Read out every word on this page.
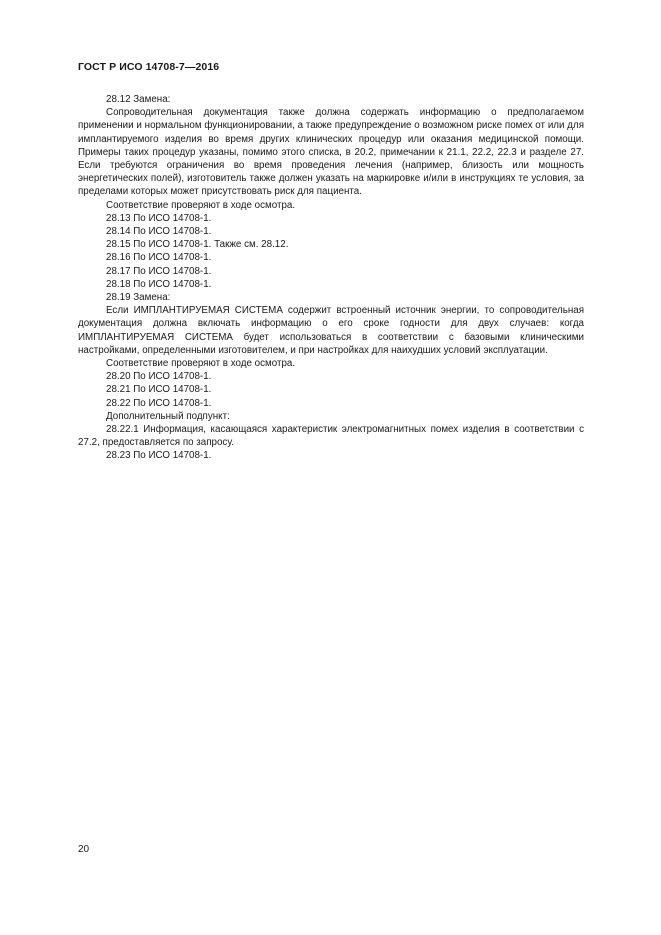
ГОСТ Р ИСО 14708-7—2016

28.12 Замена:

Сопроводительная документация также должна содержать информацию о предполагаемом применении и нормальном функционировании, а также предупреждение о возможном риске помех от или для имплантируемого изделия во время других клинических процедур или оказания медицинской помощи. Примеры таких процедур указаны, помимо этого списка, в 20.2, примечании к 21.1, 22.2, 22.3 и разделе 27. Если требуются ограничения во время проведения лечения (например, близость или мощность энергетических полей), изготовитель также должен указать на маркировке и/или в инструкциях те условия, за пределами которых может присутствовать риск для пациента.

Соответствие проверяют в ходе осмотра.

28.13 По ИСО 14708-1.

28.14 По ИСО 14708-1.

28.15 По ИСО 14708-1. Также см. 28.12.

28.16 По ИСО 14708-1.

28.17 По ИСО 14708-1.

28.18 По ИСО 14708-1.

28.19 Замена:

Если ИМПЛАНТИРУЕМАЯ СИСТЕМА содержит встроенный источник энергии, то сопроводительная документация должна включать информацию о его сроке годности для двух случаев: когда ИМПЛАНТИРУЕМАЯ СИСТЕМА будет использоваться в соответствии с базовыми клиническими настройками, определенными изготовителем, и при настройках для наихудших условий эксплуатации.

Соответствие проверяют в ходе осмотра.

28.20 По ИСО 14708-1.

28.21 По ИСО 14708-1.

28.22 По ИСО 14708-1.

Дополнительный подпункт:

28.22.1 Информация, касающаяся характеристик электромагнитных помех изделия в соответствии с 27.2, предоставляется по запросу.

28.23 По ИСО 14708-1.

20
